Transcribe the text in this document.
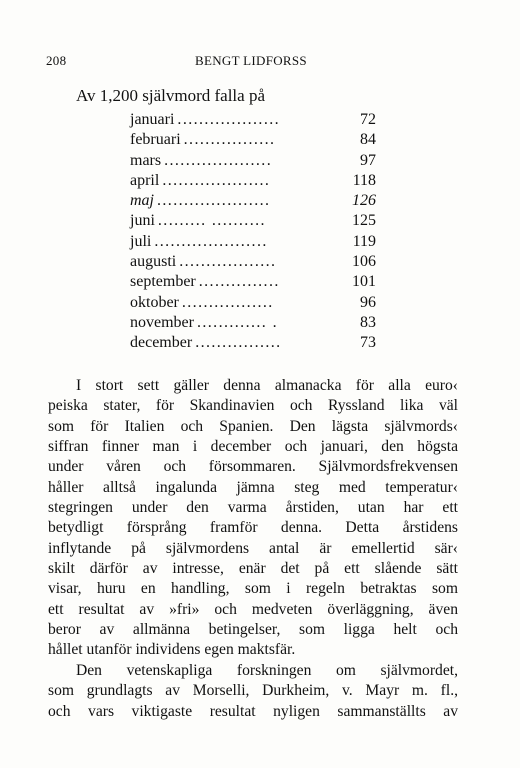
208	BENGT LIDFORSS
Av 1,200 självmord falla på
januari ...................	72
februari .................	84
mars ....................	97
april ....................	118
maj .....................	126
juni ......... ..........	125
juli .....................	119
augusti ..................	106
september ...............	101
oktober .................	96
november ............. .	83
december ................	73
I stort sett gäller denna almanacka för alla euro‹
peiska stater, för Skandinavien och Ryssland lika väl
som för Italien och Spanien. Den lägsta självmords‹
siffran finner man i december och januari, den högsta
under våren och försommaren. Självmordsfrekvensen
håller alltså ingalunda jämna steg med temperatur‹
stegringen under den varma årstiden, utan har ett
betydligt försprång framför denna. Detta årstidens
inflytande på självmordens antal är emellertid sär‹
skilt därför av intresse, enär det på ett slående sätt
visar, huru en handling, som i regeln betraktas som
ett resultat av »fri» och medveten överläggning, även
beror av allmänna betingelser, som ligga helt och
hållet utanför individens egen maktsfär.
Den vetenskapliga forskningen om självmordet,
som grundlagts av Morselli, Durkheim, v. Mayr m. fl.,
och vars viktigaste resultat nyligen sammanställts av
